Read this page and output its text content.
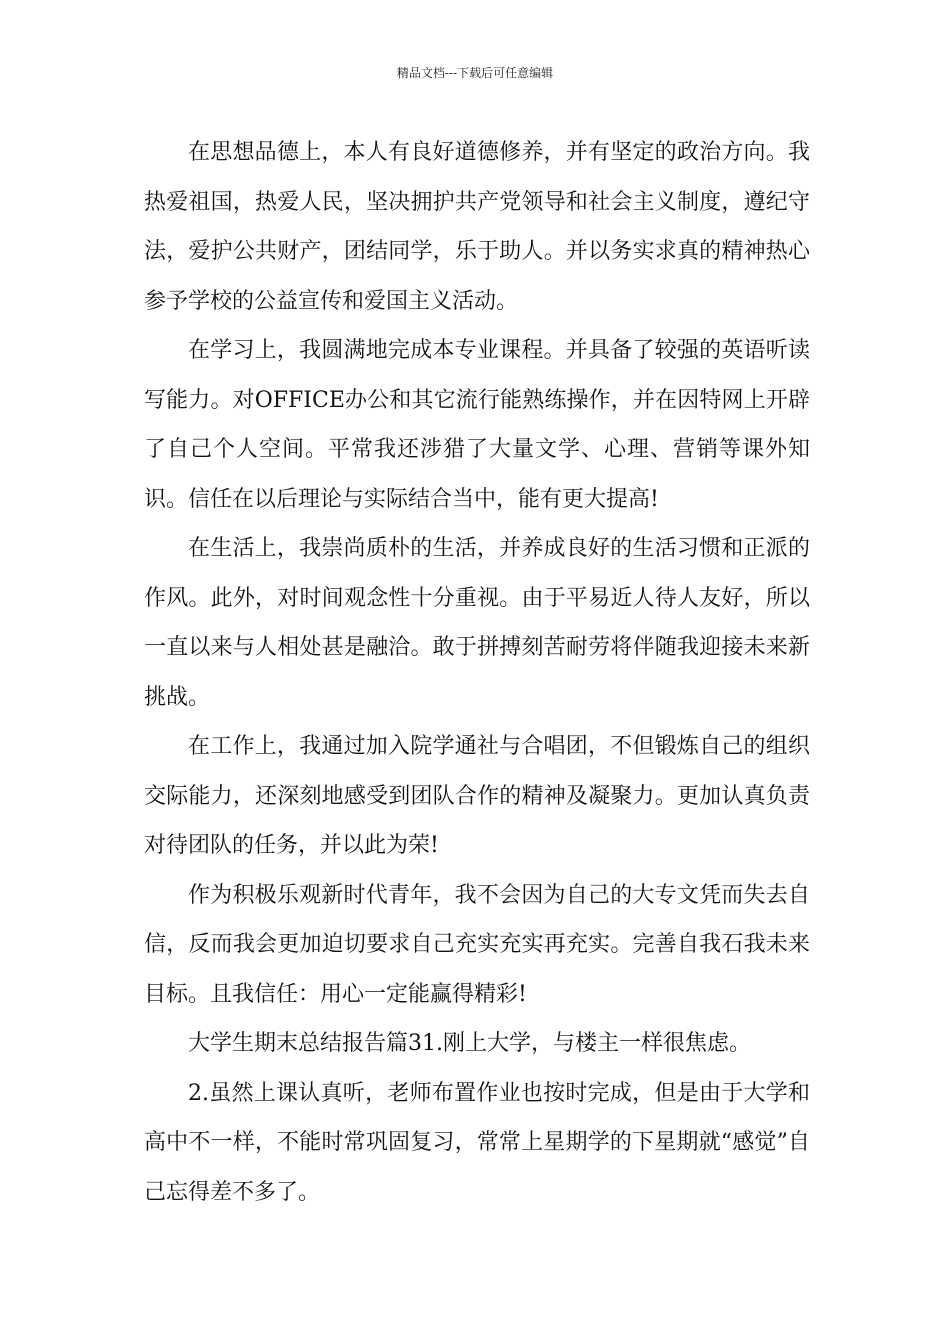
精品文档---下载后可任意编辑

在思想品德上，本人有良好道德修养，并有坚定的政治方向。我热爱祖国，热爱人民，坚决拥护共产党领导和社会主义制度，遵纪守法，爱护公共财产，团结同学，乐于助人。并以务实求真的精神热心参予学校的公益宣传和爱国主义活动。

在学习上，我圆满地完成本专业课程。并具备了较强的英语听读写能力。对OFFICE办公和其它流行能熟练操作，并在因特网上开辟了自己个人空间。平常我还涉猎了大量文学、心理、营销等课外知识。信任在以后理论与实际结合当中，能有更大提高!

在生活上，我崇尚质朴的生活，并养成良好的生活习惯和正派的作风。此外，对时间观念性十分重视。由于平易近人待人友好，所以一直以来与人相处甚是融洽。敢于拼搏刻苦耐劳将伴随我迎接未来新挑战。

在工作上，我通过加入院学通社与合唱团，不但锻炼自己的组织交际能力，还深刻地感受到团队合作的精神及凝聚力。更加认真负责对待团队的任务，并以此为荣!

作为积极乐观新时代青年，我不会因为自己的大专文凭而失去自信，反而我会更加迫切要求自己充实充实再充实。完善自我石我未来目标。且我信任：用心一定能赢得精彩!

大学生期末总结报告篇31.刚上大学，与楼主一样很焦虑。

2.虽然上课认真听，老师布置作业也按时完成，但是由于大学和高中不一样，不能时常巩固复习，常常上星期学的下星期就“感觉”自己忘得差不多了。
